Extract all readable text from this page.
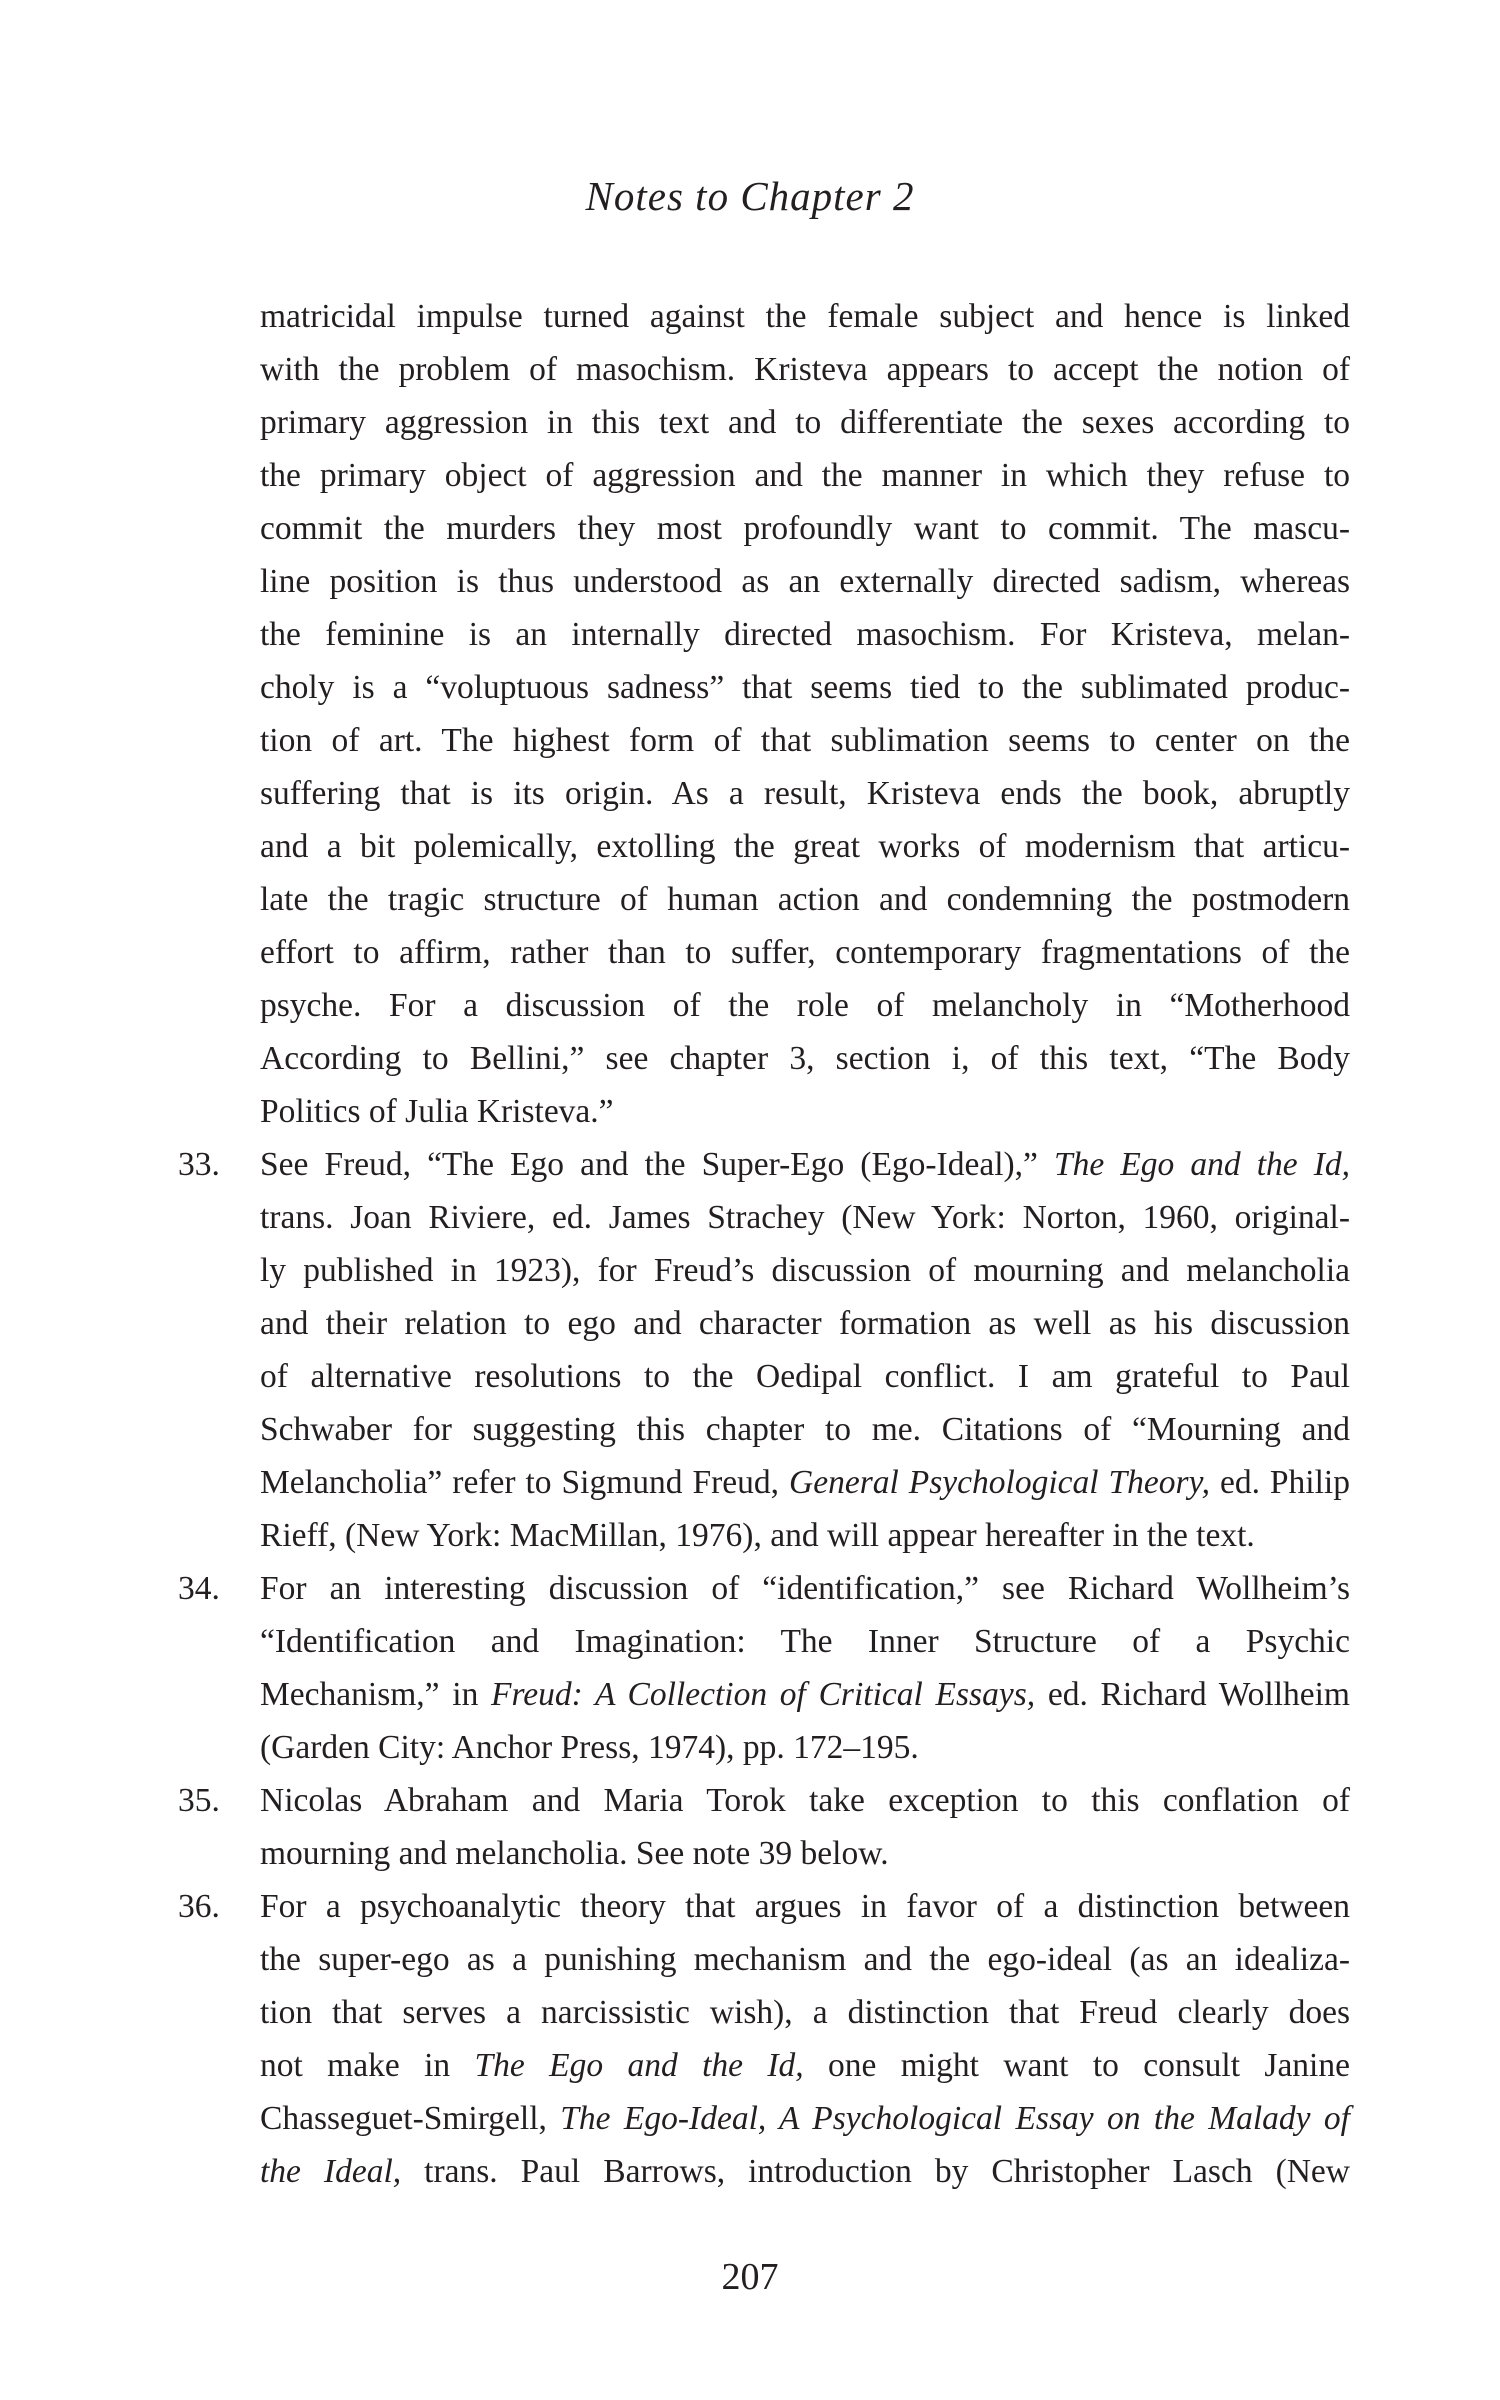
Notes to Chapter 2
matricidal impulse turned against the female subject and hence is linked
with the problem of masochism. Kristeva appears to accept the notion of
primary aggression in this text and to differentiate the sexes according to
the primary object of aggression and the manner in which they refuse to
commit the murders they most profoundly want to commit. The mascu-
line position is thus understood as an externally directed sadism, whereas
the feminine is an internally directed masochism. For Kristeva, melan-
choly is a “voluptuous sadness” that seems tied to the sublimated produc-
tion of art. The highest form of that sublimation seems to center on the
suffering that is its origin. As a result, Kristeva ends the book, abruptly
and a bit polemically, extolling the great works of modernism that articu-
late the tragic structure of human action and condemning the postmodern
effort to affirm, rather than to suffer, contemporary fragmentations of the
psyche. For a discussion of the role of melancholy in “Motherhood
According to Bellini,” see chapter 3, section i, of this text, “The Body
Politics of Julia Kristeva.”
33.	See Freud, “The Ego and the Super-Ego (Ego-Ideal),” The Ego and the Id,
trans. Joan Riviere, ed. James Strachey (New York: Norton, 1960, original-
ly published in 1923), for Freud’s discussion of mourning and melancholia
and their relation to ego and character formation as well as his discussion
of alternative resolutions to the Oedipal conflict. I am grateful to Paul
Schwaber for suggesting this chapter to me. Citations of “Mourning and
Melancholia” refer to Sigmund Freud, General Psychological Theory, ed. Philip
Rieff, (New York: MacMillan, 1976), and will appear hereafter in the text.
34.	For an interesting discussion of “identification,” see Richard Wollheim’s
“Identification and Imagination: The Inner Structure of a Psychic
Mechanism,” in Freud: A Collection of Critical Essays, ed. Richard Wollheim
(Garden City: Anchor Press, 1974), pp. 172–195.
35.	Nicolas Abraham and Maria Torok take exception to this conflation of
mourning and melancholia. See note 39 below.
36.	For a psychoanalytic theory that argues in favor of a distinction between
the super-ego as a punishing mechanism and the ego-ideal (as an idealiza-
tion that serves a narcissistic wish), a distinction that Freud clearly does
not make in The Ego and the Id, one might want to consult Janine
Chasseguet-Smirgell, The Ego-Ideal, A Psychological Essay on the Malady of
the Ideal, trans. Paul Barrows, introduction by Christopher Lasch (New
207
